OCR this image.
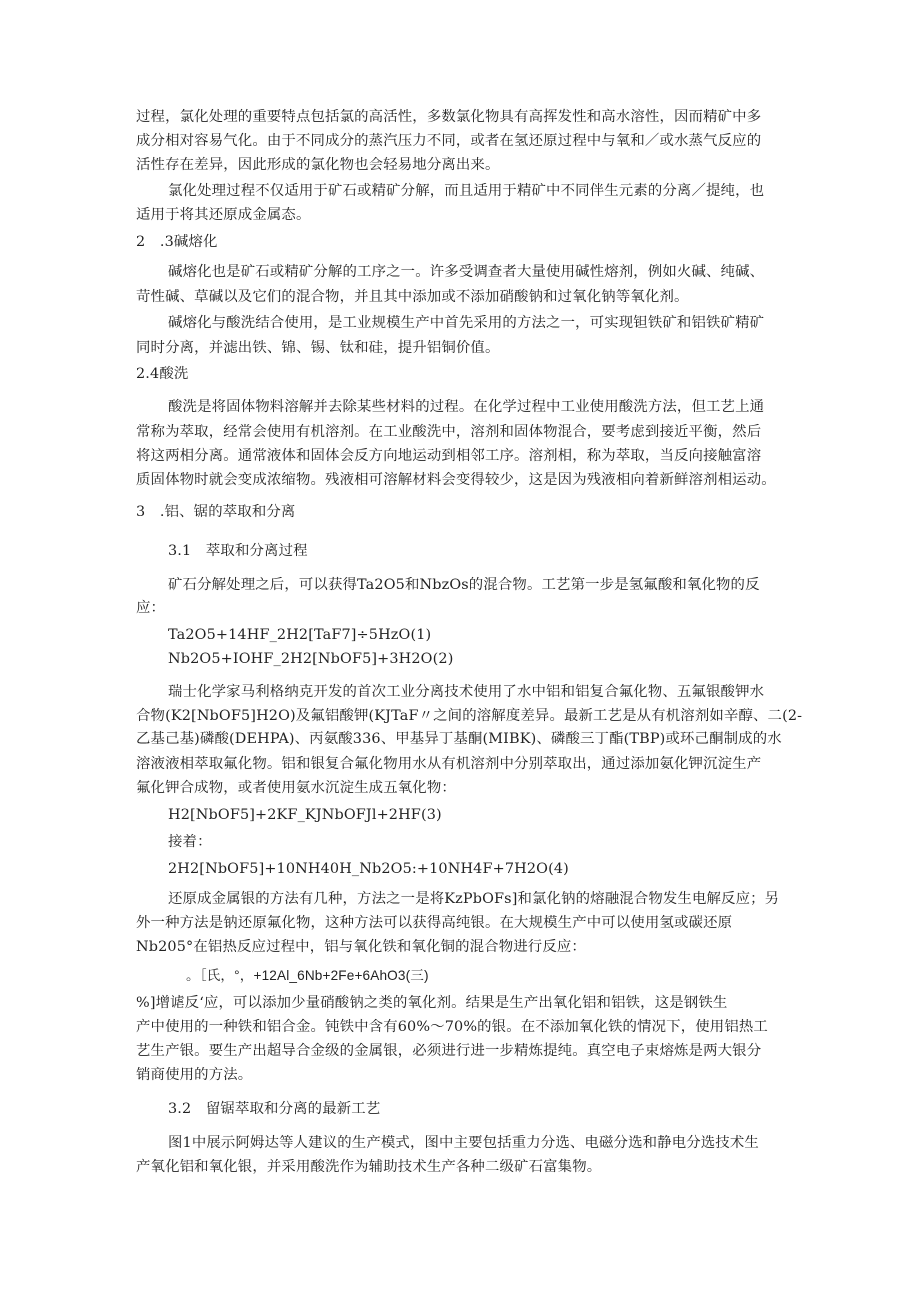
过程，氯化处理的重要特点包括氯的高活性，多数氯化物具有高挥发性和高水溶性，因而精矿中多
成分相对容易气化。由于不同成分的蒸汽压力不同，或者在氢还原过程中与氧和／或水蒸气反应的
活性存在差异，因此形成的氯化物也会轻易地分离出来。
氯化处理过程不仅适用于矿石或精矿分解，而且适用于精矿中不同伴生元素的分离／提纯，也
适用于将其还原成金属态。
2　.3碱熔化
碱熔化也是矿石或精矿分解的工序之一。许多受调查者大量使用碱性熔剂，例如火碱、纯碱、
苛性碱、草碱以及它们的混合物，并且其中添加或不添加硝酸钠和过氧化钠等氧化剂。
碱熔化与酸洗结合使用，是工业规模生产中首先采用的方法之一，可实现钽铁矿和铝铁矿精矿
同时分离，并滤出铁、锦、锡、钛和硅，提升铝铜价值。
2.4酸洗
酸洗是将固体物料溶解并去除某些材料的过程。在化学过程中工业使用酸洗方法，但工艺上通
常称为萃取，经常会使用有机溶剂。在工业酸洗中，溶剂和固体物混合，要考虑到接近平衡，然后
将这两相分离。通常液体和固体会反方向地运动到相邻工序。溶剂相，称为萃取，当反向接触富溶
质固体物时就会变成浓缩物。残液相可溶解材料会变得较少，这是因为残液相向着新鲜溶剂相运动。
3　.铝、锯的萃取和分离
3.1　萃取和分离过程
矿石分解处理之后，可以获得Ta2O5和NbzOs的混合物。工艺第一步是氢氟酸和氧化物的反
应：
Ta2O5+14HF_2H2[TaF7]÷5HzO(1)
Nb2O5+IOHF_2H2[NbOF5]+3H2O(2)
瑞士化学家马利格纳克开发的首次工业分离技术使用了水中铝和铝复合氟化物、五氟银酸钾水
合物(K2[NbOF5]H2O)及氟铝酸钾(KJTaF〃之间的溶解度差异。最新工艺是从有机溶剂如辛醇、二(2-
乙基己基)磷酸(DEHPA)、丙氨酸336、甲基异丁基酮(MIBK)、磷酸三丁酯(TBP)或环己酮制成的水
溶液液相萃取氟化物。铝和银复合氟化物用水从有机溶剂中分别萃取出，通过添加氨化钾沉淀生产
氟化钾合成物，或者使用氨水沉淀生成五氧化物：
H2[NbOF5]+2KF_KJNbOFJl+2HF(3)
接着：
2H2[NbOF5]+10NH40H_Nb2O5:+10NH4F+7H2O(4)
还原成金属银的方法有几种，方法之一是将KzPbOFs]和氯化钠的熔融混合物发生电解反应；另
外一种方法是钠还原氟化物，这种方法可以获得高纯银。在大规模生产中可以使用氢或碳还原
Nb205°在铝热反应过程中，铝与氧化铁和氧化铜的混合物进行反应：
。［氏，°，+12Al_6Nb+2Fe+6AhO3(三)
%]增谑反‘应，可以添加少量硝酸钠之类的氧化剂。结果是生产出氧化铝和铝铁，这是钢铁生
产中使用的一种铁和铝合金。钝铁中含有60%～70%的银。在不添加氧化铁的情况下，使用铝热工
艺生产银。要生产出超导合金级的金属银，必须进行进一步精炼提纯。真空电子束熔炼是两大银分
销商使用的方法。
3.2　留锯萃取和分离的最新工艺
图1中展示阿姆达等人建议的生产模式，图中主要包括重力分选、电磁分选和静电分选技术生
产氧化铝和氧化银，并采用酸洗作为辅助技术生产各种二级矿石富集物。
